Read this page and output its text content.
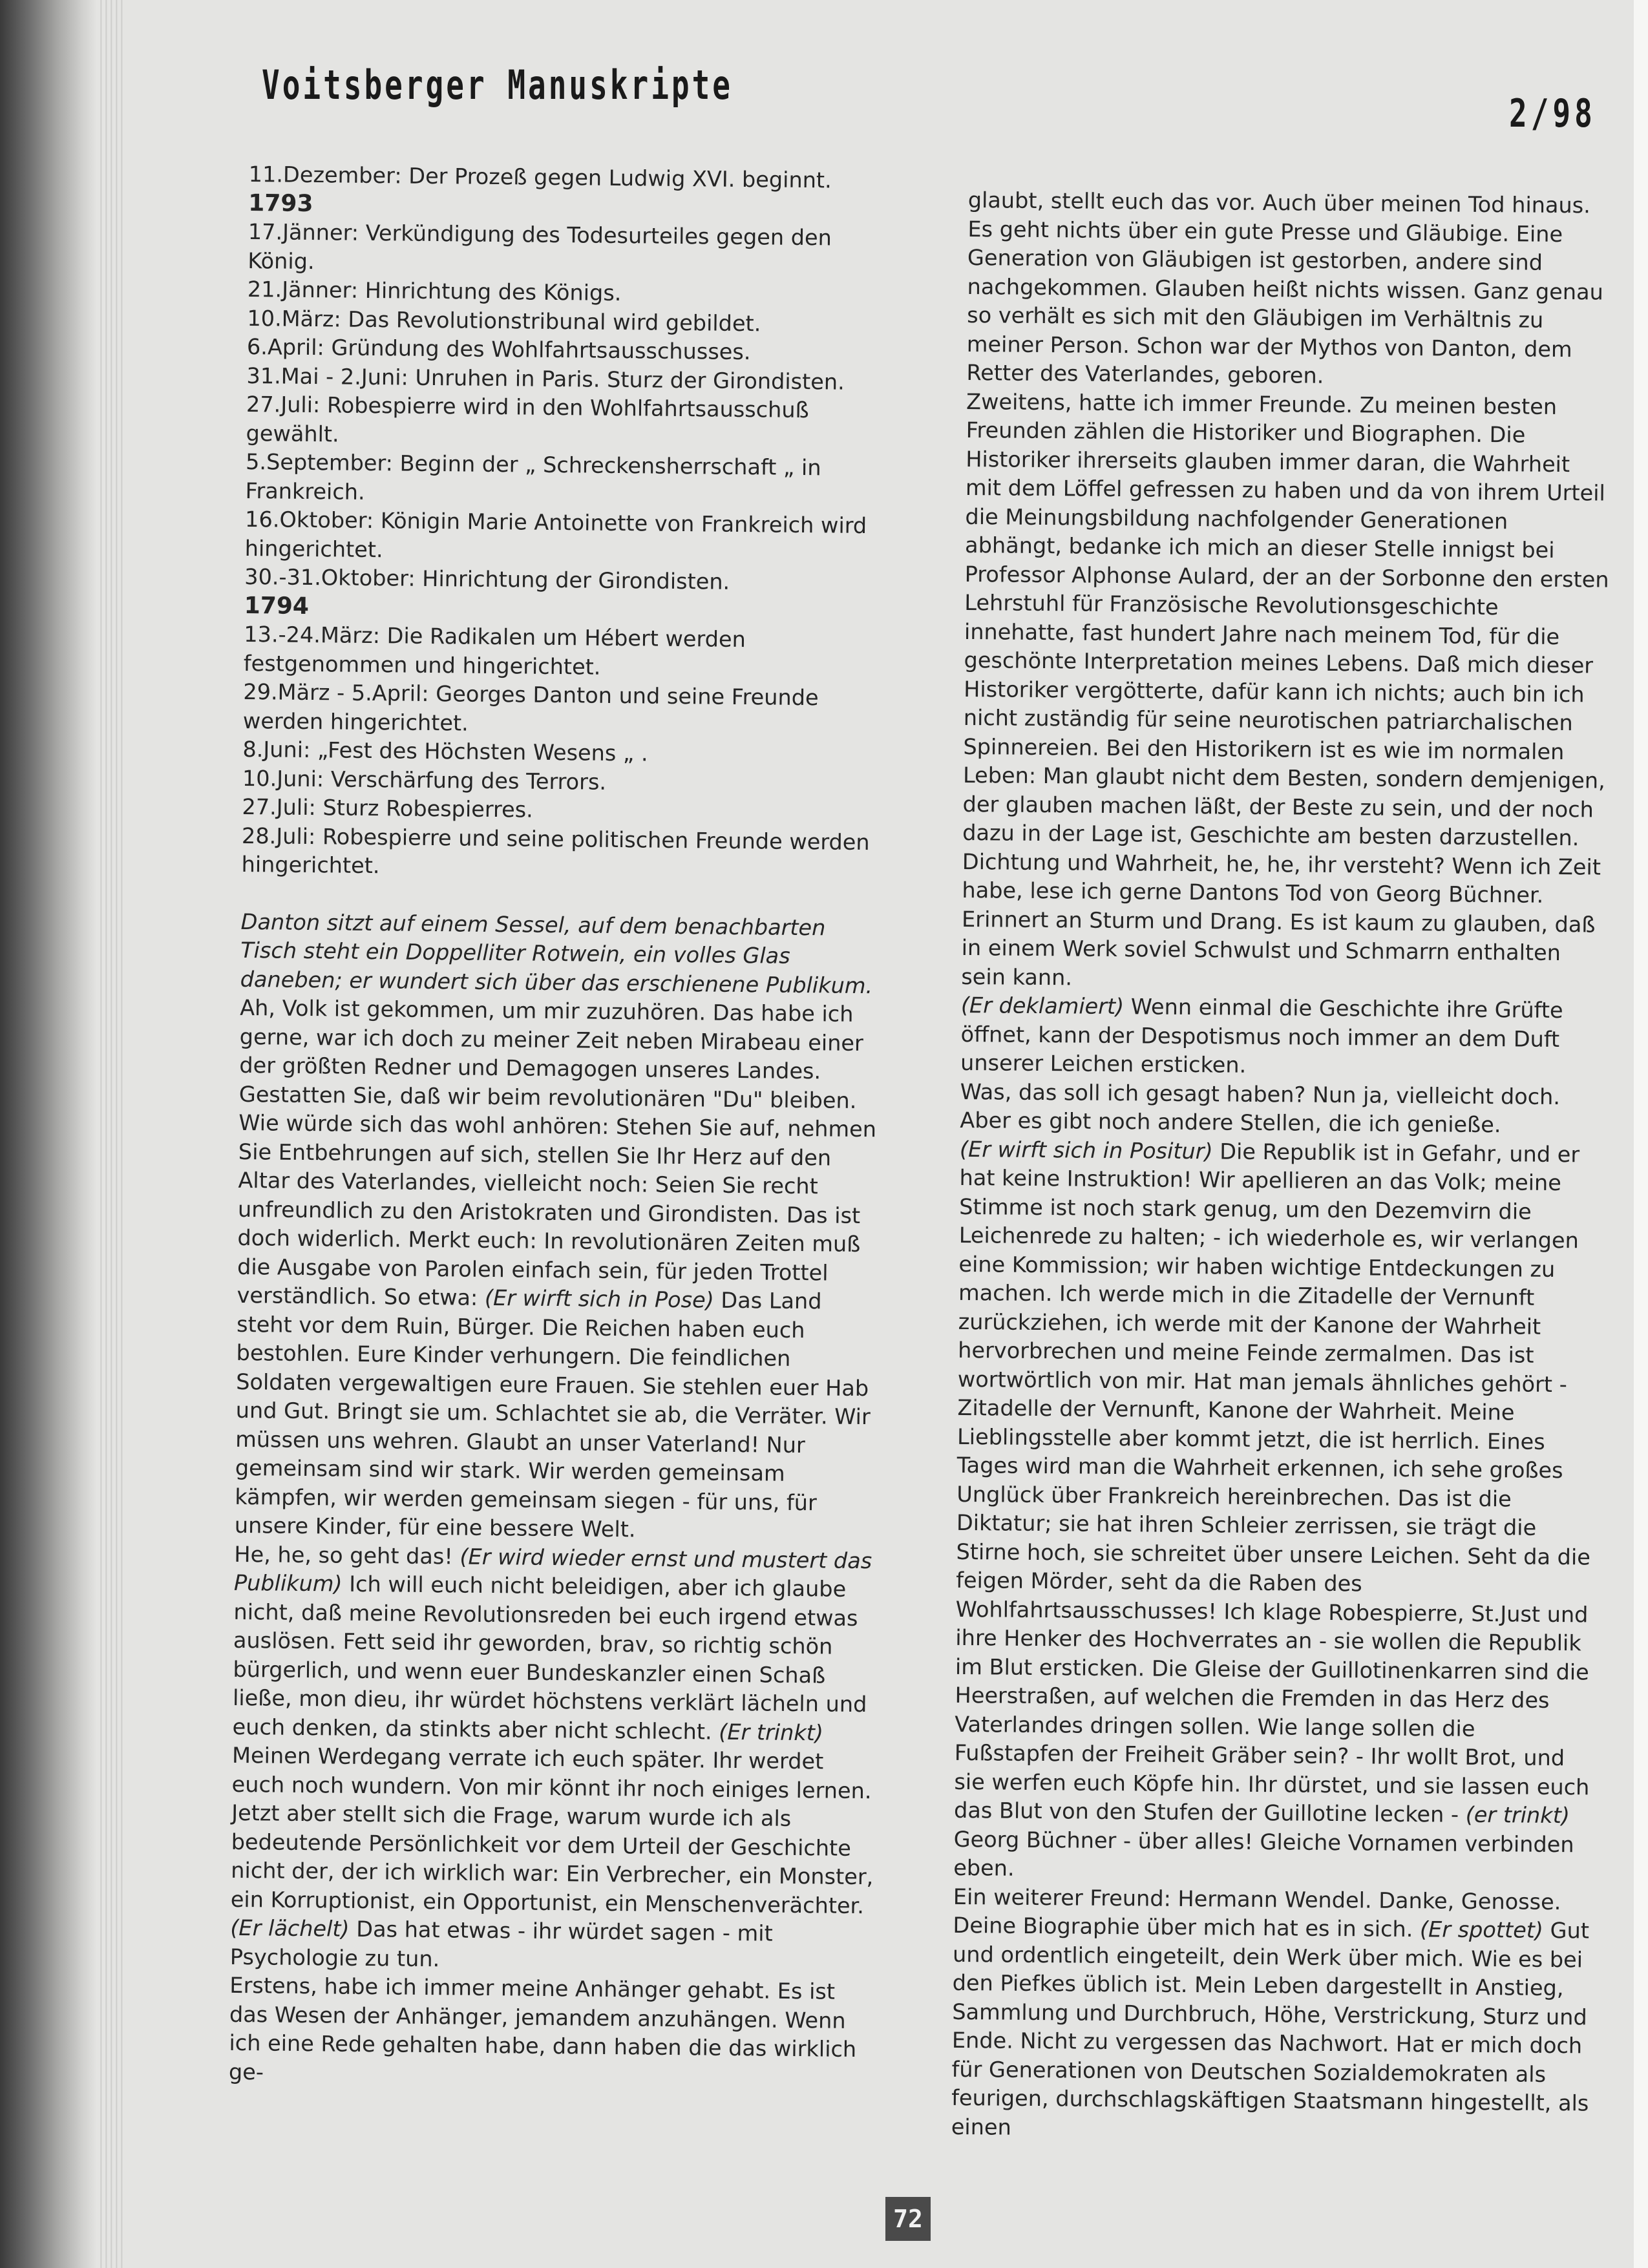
Voitsberger Manuskripte
2/98

11.Dezember: Der Prozeß gegen Ludwig XVI. beginnt.

1793

17.Jänner: Verkündigung des Todesurteiles gegen den König.

21.Jänner: Hinrichtung des Königs.

10.März: Das Revolutionstribunal wird gebildet.

6.April: Gründung des Wohlfahrtsausschusses.

31.Mai - 2.Juni: Unruhen in Paris. Sturz der Girondisten.

27.Juli: Robespierre wird in den Wohlfahrtsausschuß gewählt.

5.September: Beginn der „ Schreckensherrschaft „ in Frankreich.

16.Oktober: Königin Marie Antoinette von Frankreich wird hingerichtet.

30.-31.Oktober: Hinrichtung der Girondisten.

1794

13.-24.März: Die Radikalen um Hébert werden festgenommen und hingerichtet.

29.März - 5.April: Georges Danton und seine Freunde werden hingerichtet.

8.Juni: „Fest des Höchsten Wesens „ .

10.Juni: Verschärfung des Terrors.

27.Juli: Sturz Robespierres.

28.Juli: Robespierre und seine politischen Freunde werden hingerichtet.

Danton sitzt auf einem Sessel, auf dem benachbarten Tisch steht ein Doppelliter Rotwein, ein volles Glas daneben; er wundert sich über das erschienene Publikum.

Ah, Volk ist gekommen, um mir zuzuhören. Das habe ich gerne, war ich doch zu meiner Zeit neben Mirabeau einer der größten Redner und Demagogen unseres Landes. Gestatten Sie, daß wir beim revolutionären "Du" bleiben. Wie würde sich das wohl anhören: Stehen Sie auf, nehmen Sie Entbehrungen auf sich, stellen Sie Ihr Herz auf den Altar des Vaterlandes, vielleicht noch: Seien Sie recht unfreundlich zu den Aristokraten und Girondisten. Das ist doch widerlich. Merkt euch: In revolutionären Zeiten muß die Ausgabe von Parolen einfach sein, für jeden Trottel verständlich. So etwa: (Er wirft sich in Pose) Das Land steht vor dem Ruin, Bürger. Die Reichen haben euch bestohlen. Eure Kinder verhungern. Die feindlichen Soldaten vergewaltigen eure Frauen. Sie stehlen euer Hab und Gut. Bringt sie um. Schlachtet sie ab, die Verräter. Wir müssen uns wehren. Glaubt an unser Vaterland! Nur gemeinsam sind wir stark. Wir werden gemeinsam kämpfen, wir werden gemeinsam siegen - für uns, für unsere Kinder, für eine bessere Welt.

He, he, so geht das! (Er wird wieder ernst und mustert das Publikum) Ich will euch nicht beleidigen, aber ich glaube nicht, daß meine Revolutionsreden bei euch irgend etwas auslösen. Fett seid ihr geworden, brav, so richtig schön bürgerlich, und wenn euer Bundeskanzler einen Schaß ließe, mon dieu, ihr würdet höchstens verklärt lächeln und euch denken, da stinkts aber nicht schlecht. (Er trinkt)

Meinen Werdegang verrate ich euch später. Ihr werdet euch noch wundern. Von mir könnt ihr noch einiges lernen. Jetzt aber stellt sich die Frage, warum wurde ich als bedeutende Persönlichkeit vor dem Urteil der Geschichte nicht der, der ich wirklich war: Ein Verbrecher, ein Monster, ein Korruptionist, ein Opportunist, ein Menschenverächter.

(Er lächelt) Das hat etwas - ihr würdet sagen - mit Psychologie zu tun.

Erstens, habe ich immer meine Anhänger gehabt. Es ist das Wesen der Anhänger, jemandem anzuhängen. Wenn ich eine Rede gehalten habe, dann haben die das wirklich ge-

glaubt, stellt euch das vor. Auch über meinen Tod hinaus. Es geht nichts über ein gute Presse und Gläubige. Eine Generation von Gläubigen ist gestorben, andere sind nachgekommen. Glauben heißt nichts wissen. Ganz genau so verhält es sich mit den Gläubigen im Verhältnis zu meiner Person. Schon war der Mythos von Danton, dem Retter des Vaterlandes, geboren.

Zweitens, hatte ich immer Freunde. Zu meinen besten Freunden zählen die Historiker und Biographen. Die Historiker ihrerseits glauben immer daran, die Wahrheit mit dem Löffel gefressen zu haben und da von ihrem Urteil die Meinungsbildung nachfolgender Generationen abhängt, bedanke ich mich an dieser Stelle innigst bei Professor Alphonse Aulard, der an der Sorbonne den ersten Lehrstuhl für Französische Revolutionsgeschichte innehatte, fast hundert Jahre nach meinem Tod, für die geschönte Interpretation meines Lebens. Daß mich dieser Historiker vergötterte, dafür kann ich nichts; auch bin ich nicht zuständig für seine neurotischen patriarchalischen Spinnereien. Bei den Historikern ist es wie im normalen Leben: Man glaubt nicht dem Besten, sondern demjenigen, der glauben machen läßt, der Beste zu sein, und der noch dazu in der Lage ist, Geschichte am besten darzustellen. Dichtung und Wahrheit, he, he, ihr versteht? Wenn ich Zeit habe, lese ich gerne Dantons Tod von Georg Büchner. Erinnert an Sturm und Drang. Es ist kaum zu glauben, daß in einem Werk soviel Schwulst und Schmarrn enthalten sein kann.

(Er deklamiert) Wenn einmal die Geschichte ihre Grüfte öffnet, kann der Despotismus noch immer an dem Duft unserer Leichen ersticken.

Was, das soll ich gesagt haben? Nun ja, vielleicht doch. Aber es gibt noch andere Stellen, die ich genieße.

(Er wirft sich in Positur) Die Republik ist in Gefahr, und er hat keine Instruktion! Wir apellieren an das Volk; meine Stimme ist noch stark genug, um den Dezemvirn die Leichenrede zu halten; - ich wiederhole es, wir verlangen eine Kommission; wir haben wichtige Entdeckungen zu machen. Ich werde mich in die Zitadelle der Vernunft zurückziehen, ich werde mit der Kanone der Wahrheit hervorbrechen und meine Feinde zermalmen. Das ist wortwörtlich von mir. Hat man jemals ähnliches gehört - Zitadelle der Vernunft, Kanone der Wahrheit. Meine Lieblingsstelle aber kommt jetzt, die ist herrlich. Eines Tages wird man die Wahrheit erkennen, ich sehe großes Unglück über Frankreich hereinbrechen. Das ist die Diktatur; sie hat ihren Schleier zerrissen, sie trägt die Stirne hoch, sie schreitet über unsere Leichen. Seht da die feigen Mörder, seht da die Raben des Wohlfahrtsausschusses! Ich klage Robespierre, St.Just und ihre Henker des Hochverrates an - sie wollen die Republik im Blut ersticken. Die Gleise der Guillotinenkarren sind die Heerstraßen, auf welchen die Fremden in das Herz des Vaterlandes dringen sollen. Wie lange sollen die Fußstapfen der Freiheit Gräber sein? - Ihr wollt Brot, und sie werfen euch Köpfe hin. Ihr dürstet, und sie lassen euch das Blut von den Stufen der Guillotine lecken - (er trinkt) Georg Büchner - über alles! Gleiche Vornamen verbinden eben.

Ein weiterer Freund: Hermann Wendel. Danke, Genosse. Deine Biographie über mich hat es in sich. (Er spottet) Gut und ordentlich eingeteilt, dein Werk über mich. Wie es bei den Piefkes üblich ist. Mein Leben dargestellt in Anstieg, Sammlung und Durchbruch, Höhe, Verstrickung, Sturz und Ende. Nicht zu vergessen das Nachwort. Hat er mich doch für Generationen von Deutschen Sozialdemokraten als feurigen, durchschlagskäftigen Staatsmann hingestellt, als einen

72
